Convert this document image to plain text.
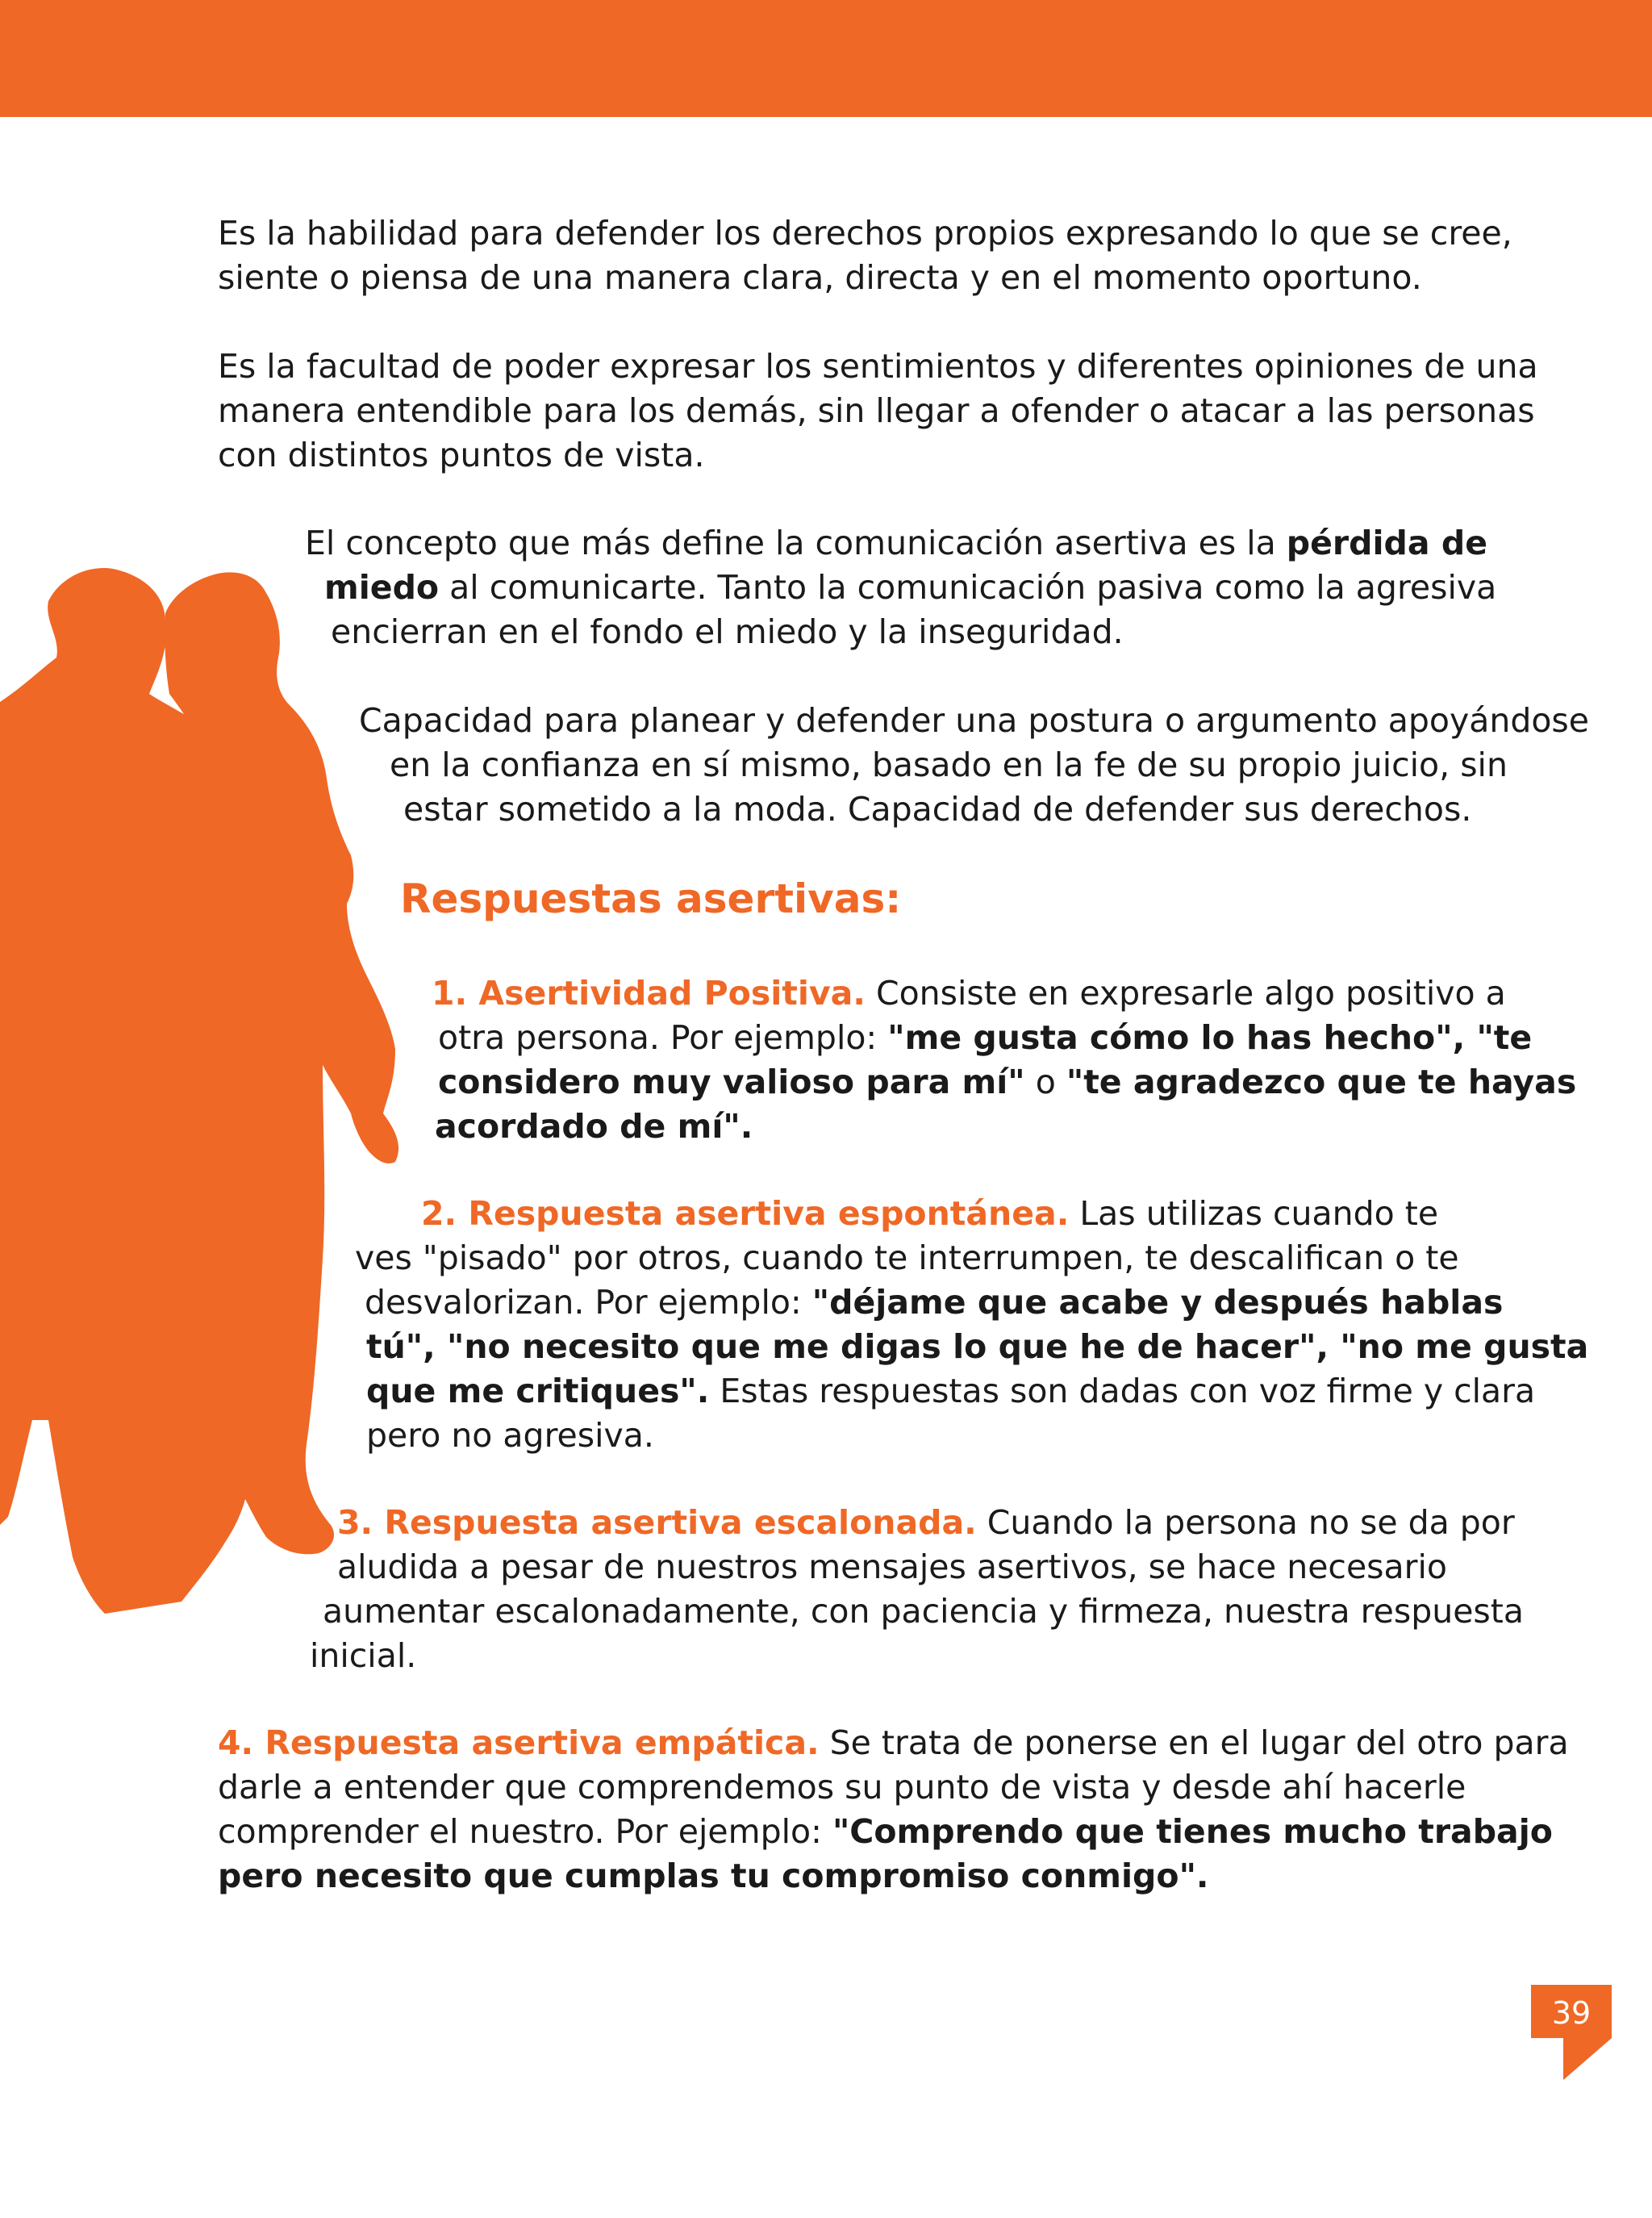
Es la habilidad para defender los derechos propios expresando lo que se cree,
siente o piensa de una manera clara, directa y en el momento oportuno.
Es la facultad de poder expresar los sentimientos y diferentes opiniones de una
manera entendible para los demás, sin llegar a ofender o atacar a las personas
con distintos puntos de vista.
El concepto que más define la comunicación asertiva es la pérdida de
miedo al comunicarte. Tanto la comunicación pasiva como la agresiva
encierran en el fondo el miedo y la inseguridad.
Capacidad para planear y defender una postura o argumento apoyándose
en la confianza en sí mismo, basado en la fe de su propio juicio, sin
estar sometido a la moda. Capacidad de defender sus derechos.
Respuestas asertivas:
1. Asertividad Positiva. Consiste en expresarle algo positivo a
otra persona. Por ejemplo: "me gusta cómo lo has hecho", "te
considero muy valioso para mí" o "te agradezco que te hayas
acordado de mí".
2. Respuesta asertiva espontánea. Las utilizas cuando te
ves "pisado" por otros, cuando te interrumpen, te descalifican o te
desvalorizan. Por ejemplo: "déjame que acabe y después hablas
tú", "no necesito que me digas lo que he de hacer", "no me gusta
que me critiques". Estas respuestas son dadas con voz firme y clara
pero no agresiva.
3. Respuesta asertiva escalonada. Cuando la persona no se da por
aludida a pesar de nuestros mensajes asertivos, se hace necesario
aumentar escalonadamente, con paciencia y firmeza, nuestra respuesta
inicial.
4. Respuesta asertiva empática. Se trata de ponerse en el lugar del otro para
darle a entender que comprendemos su punto de vista y desde ahí hacerle
comprender el nuestro. Por ejemplo: "Comprendo que tienes mucho trabajo
pero necesito que cumplas tu compromiso conmigo".
39
